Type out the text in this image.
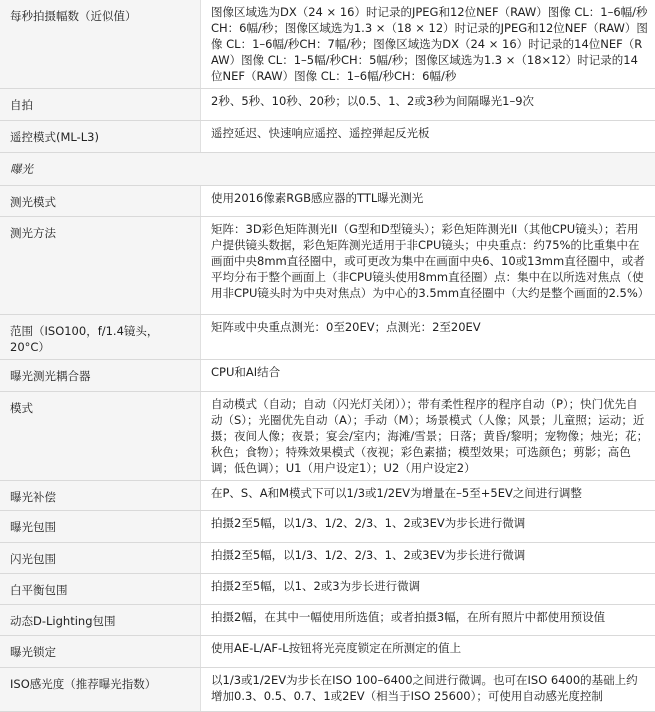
每秒拍摄幅数（近似值）	图像区域选为DX（24 × 16）时记录的JPEG和12位NEF（RAW）图像 CL：1–6幅/秒CH：6幅/秒；图像区域选为1.3 ×（18 × 12）时记录的JPEG和12位NEF（RAW）图像 CL：1–6幅/秒CH：7幅/秒；图像区域选为DX（24 × 16）时记录的14位NEF（RAW）图像 CL：1–5幅/秒CH：5幅/秒；图像区域选为1.3 ×（18×12）时记录的14位NEF（RAW）图像 CL：1–6幅/秒CH：6幅/秒

自拍	2秒、5秒、10秒、20秒；以0.5、1、2或3秒为间隔曝光1–9次

遥控模式(ML-L3)	遥控延迟、快速响应遥控、遥控弹起反光板

曝光	
测光模式	使用2016像素RGB感应器的TTL曝光测光

测光方法	矩阵：3D彩色矩阵测光II（G型和D型镜头）；彩色矩阵测光II（其他CPU镜头）；若用户提供镜头数据，彩色矩阵测光适用于非CPU镜头；中央重点：约75%的比重集中在画面中央8mm直径圈中，或可更改为集中在画面中央6、10或13mm直径圈中，或者平均分布于整个画面上（非CPU镜头使用8mm直径圈）点：集中在以所选对焦点（使用非CPU镜头时为中央对焦点）为中心的3.5mm直径圈中（大约是整个画面的2.5%）

范围（ISO100，f/1.4镜头，20°C）	矩阵或中央重点测光：0至20EV；点测光：2至20EV

曝光测光耦合器	CPU和AI结合

模式	自动模式（自动；自动（闪光灯关闭））；带有柔性程序的程序自动（P）；快门优先自动（S）；光圈优先自动（A）；手动（M）；场景模式（人像；风景；儿童照；运动；近摄；夜间人像；夜景；宴会/室内；海滩/雪景；日落；黄昏/黎明；宠物像；烛光；花；秋色；食物）；特殊效果模式（夜视；彩色素描；模型效果；可选颜色；剪影；高色调；低色调）；U1（用户设定1）；U2（用户设定2）

曝光补偿	在P、S、A和M模式下可以1/3或1/2EV为增量在–5至+5EV之间进行调整

曝光包围	拍摄2至5幅，以1/3、1/2、2/3、1、2或3EV为步长进行微调

闪光包围	拍摄2至5幅，以1/3、1/2、2/3、1、2或3EV为步长进行微调

白平衡包围	拍摄2至5幅，以1、2或3为步长进行微调

动态D-Lighting包围	拍摄2幅，在其中一幅使用所选值；或者拍摄3幅，在所有照片中都使用预设值

曝光锁定	使用AE-L/AF-L按钮将光亮度锁定在所测定的值上

ISO感光度（推荐曝光指数）	以1/3或1/2EV为步长在ISO 100–6400之间进行微调。也可在ISO 6400的基础上约增加0.3、0.5、0.7、1或2EV（相当于ISO 25600）；可使用自动感光度控制
